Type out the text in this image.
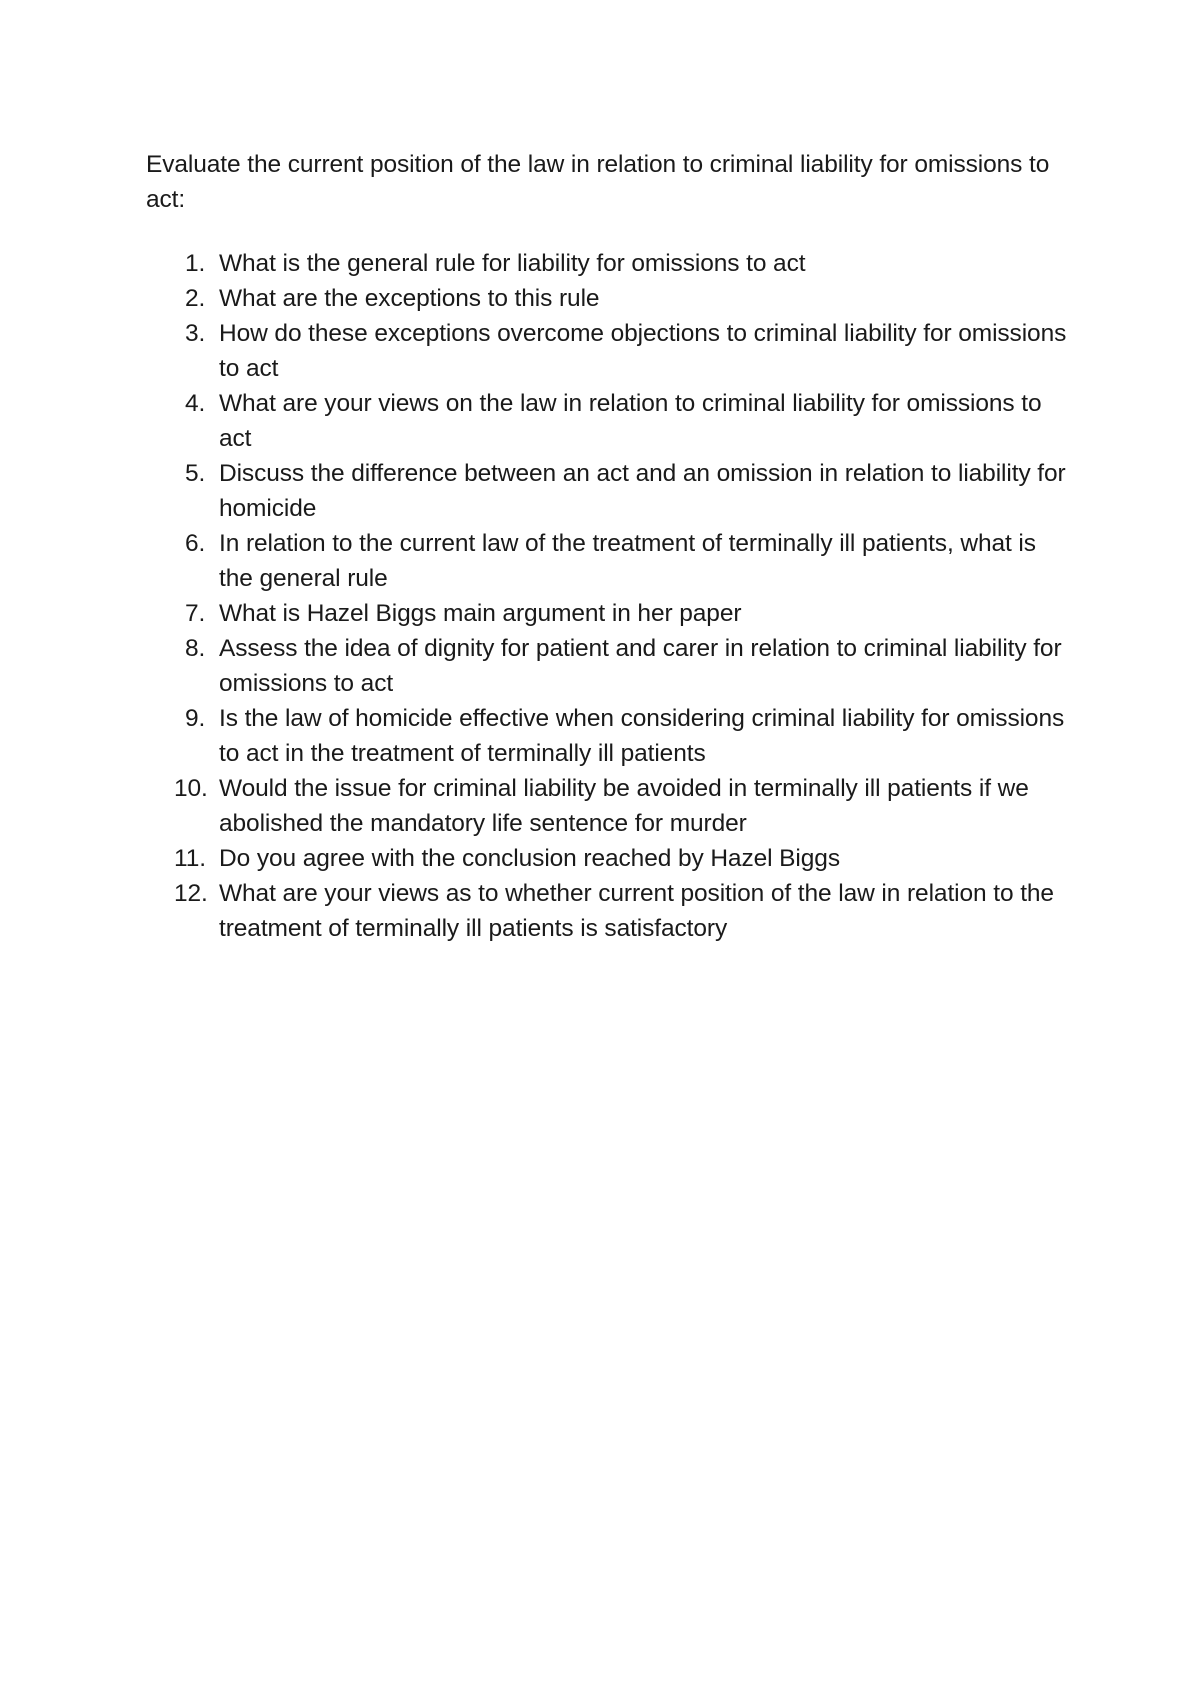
Evaluate the current position of the law in relation to criminal liability for omissions to act:

1. What is the general rule for liability for omissions to act
2. What are the exceptions to this rule
3. How do these exceptions overcome objections to criminal liability for omissions to act
4. What are your views on the law in relation to criminal liability for omissions to act
5. Discuss the difference between an act and an omission in relation to liability for homicide
6. In relation to the current law of the treatment of terminally ill patients, what is the general rule
7. What is Hazel Biggs main argument in her paper
8. Assess the idea of dignity for patient and carer in relation to criminal liability for omissions to act
9. Is the law of homicide effective when considering criminal liability for omissions to act in the treatment of terminally ill patients
10. Would the issue for criminal liability be avoided in terminally ill patients if we abolished the mandatory life sentence for murder
11. Do you agree with the conclusion reached by Hazel Biggs
12. What are your views as to whether current position of the law in relation to the treatment of terminally ill patients is satisfactory
